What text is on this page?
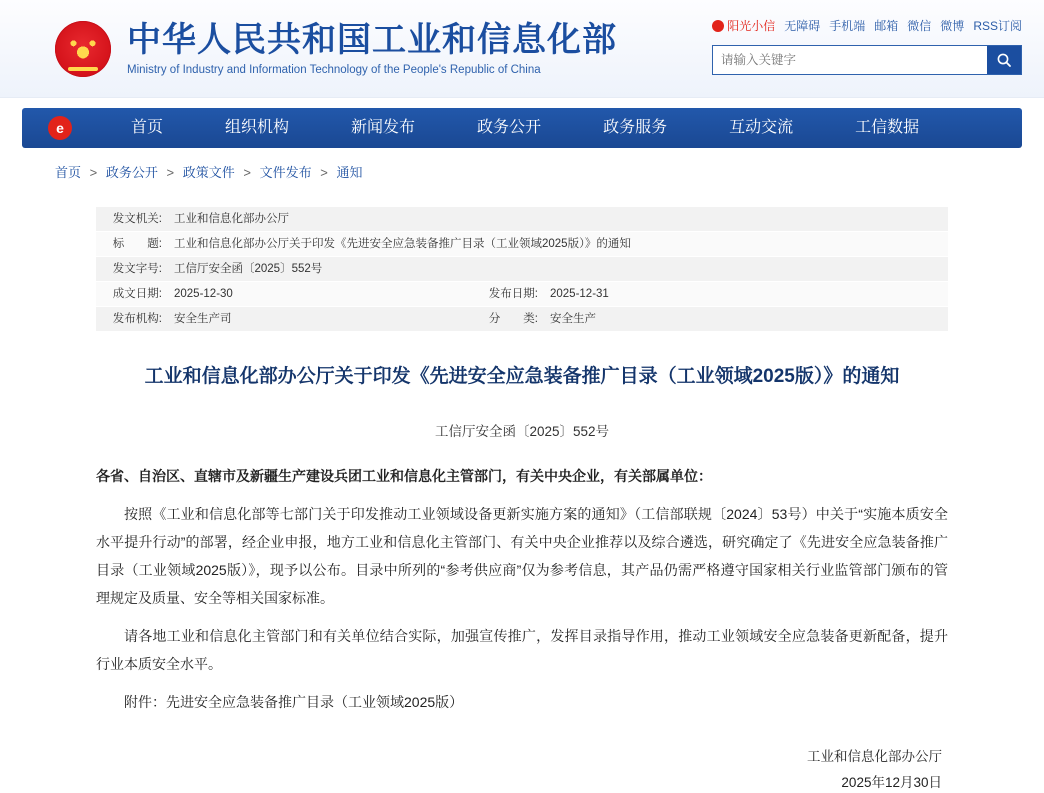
中华人民共和国工业和信息化部
Ministry of Industry and Information Technology of the People's Republic of China
阳光小信 无障碍 手机端 邮箱 微信 微博 RSS订阅
请输入关键字
e	首页	组织机构	新闻发布	政务公开	政务服务	互动交流	工信数据
首页 > 政务公开 > 政策文件 > 文件发布 > 通知
发文机关:	工业和信息化部办公厅		
标　　题:	工业和信息化部办公厅关于印发《先进安全应急装备推广目录（工业领域2025版）》的通知		
发文字号:	工信厅安全函〔2025〕552号		
成文日期:	2025-12-30	发布日期:	2025-12-31
发布机构:	安全生产司	分　　类:	安全生产
工业和信息化部办公厅关于印发《先进安全应急装备推广目录（工业领域2025版）》的通知
工信厅安全函〔2025〕552号

各省、自治区、直辖市及新疆生产建设兵团工业和信息化主管部门，有关中央企业，有关部属单位：

按照《工业和信息化部等七部门关于印发推动工业领域设备更新实施方案的通知》（工信部联规〔2024〕53号）中关于“实施本质安全水平提升行动”的部署，经企业申报，地方工业和信息化主管部门、有关中央企业推荐以及综合遴选，研究确定了《先进安全应急装备推广目录（工业领域2025版）》，现予以公布。目录中所列的“参考供应商”仅为参考信息，其产品仍需严格遵守国家相关行业监管部门颁布的管理规定及质量、安全等相关国家标准。

请各地工业和信息化主管部门和有关单位结合实际，加强宣传推广，发挥目录指导作用，推动工业领域安全应急装备更新配备，提升行业本质安全水平。

附件：先进安全应急装备推广目录（工业领域2025版）

工业和信息化部办公厅
2025年12月30日
